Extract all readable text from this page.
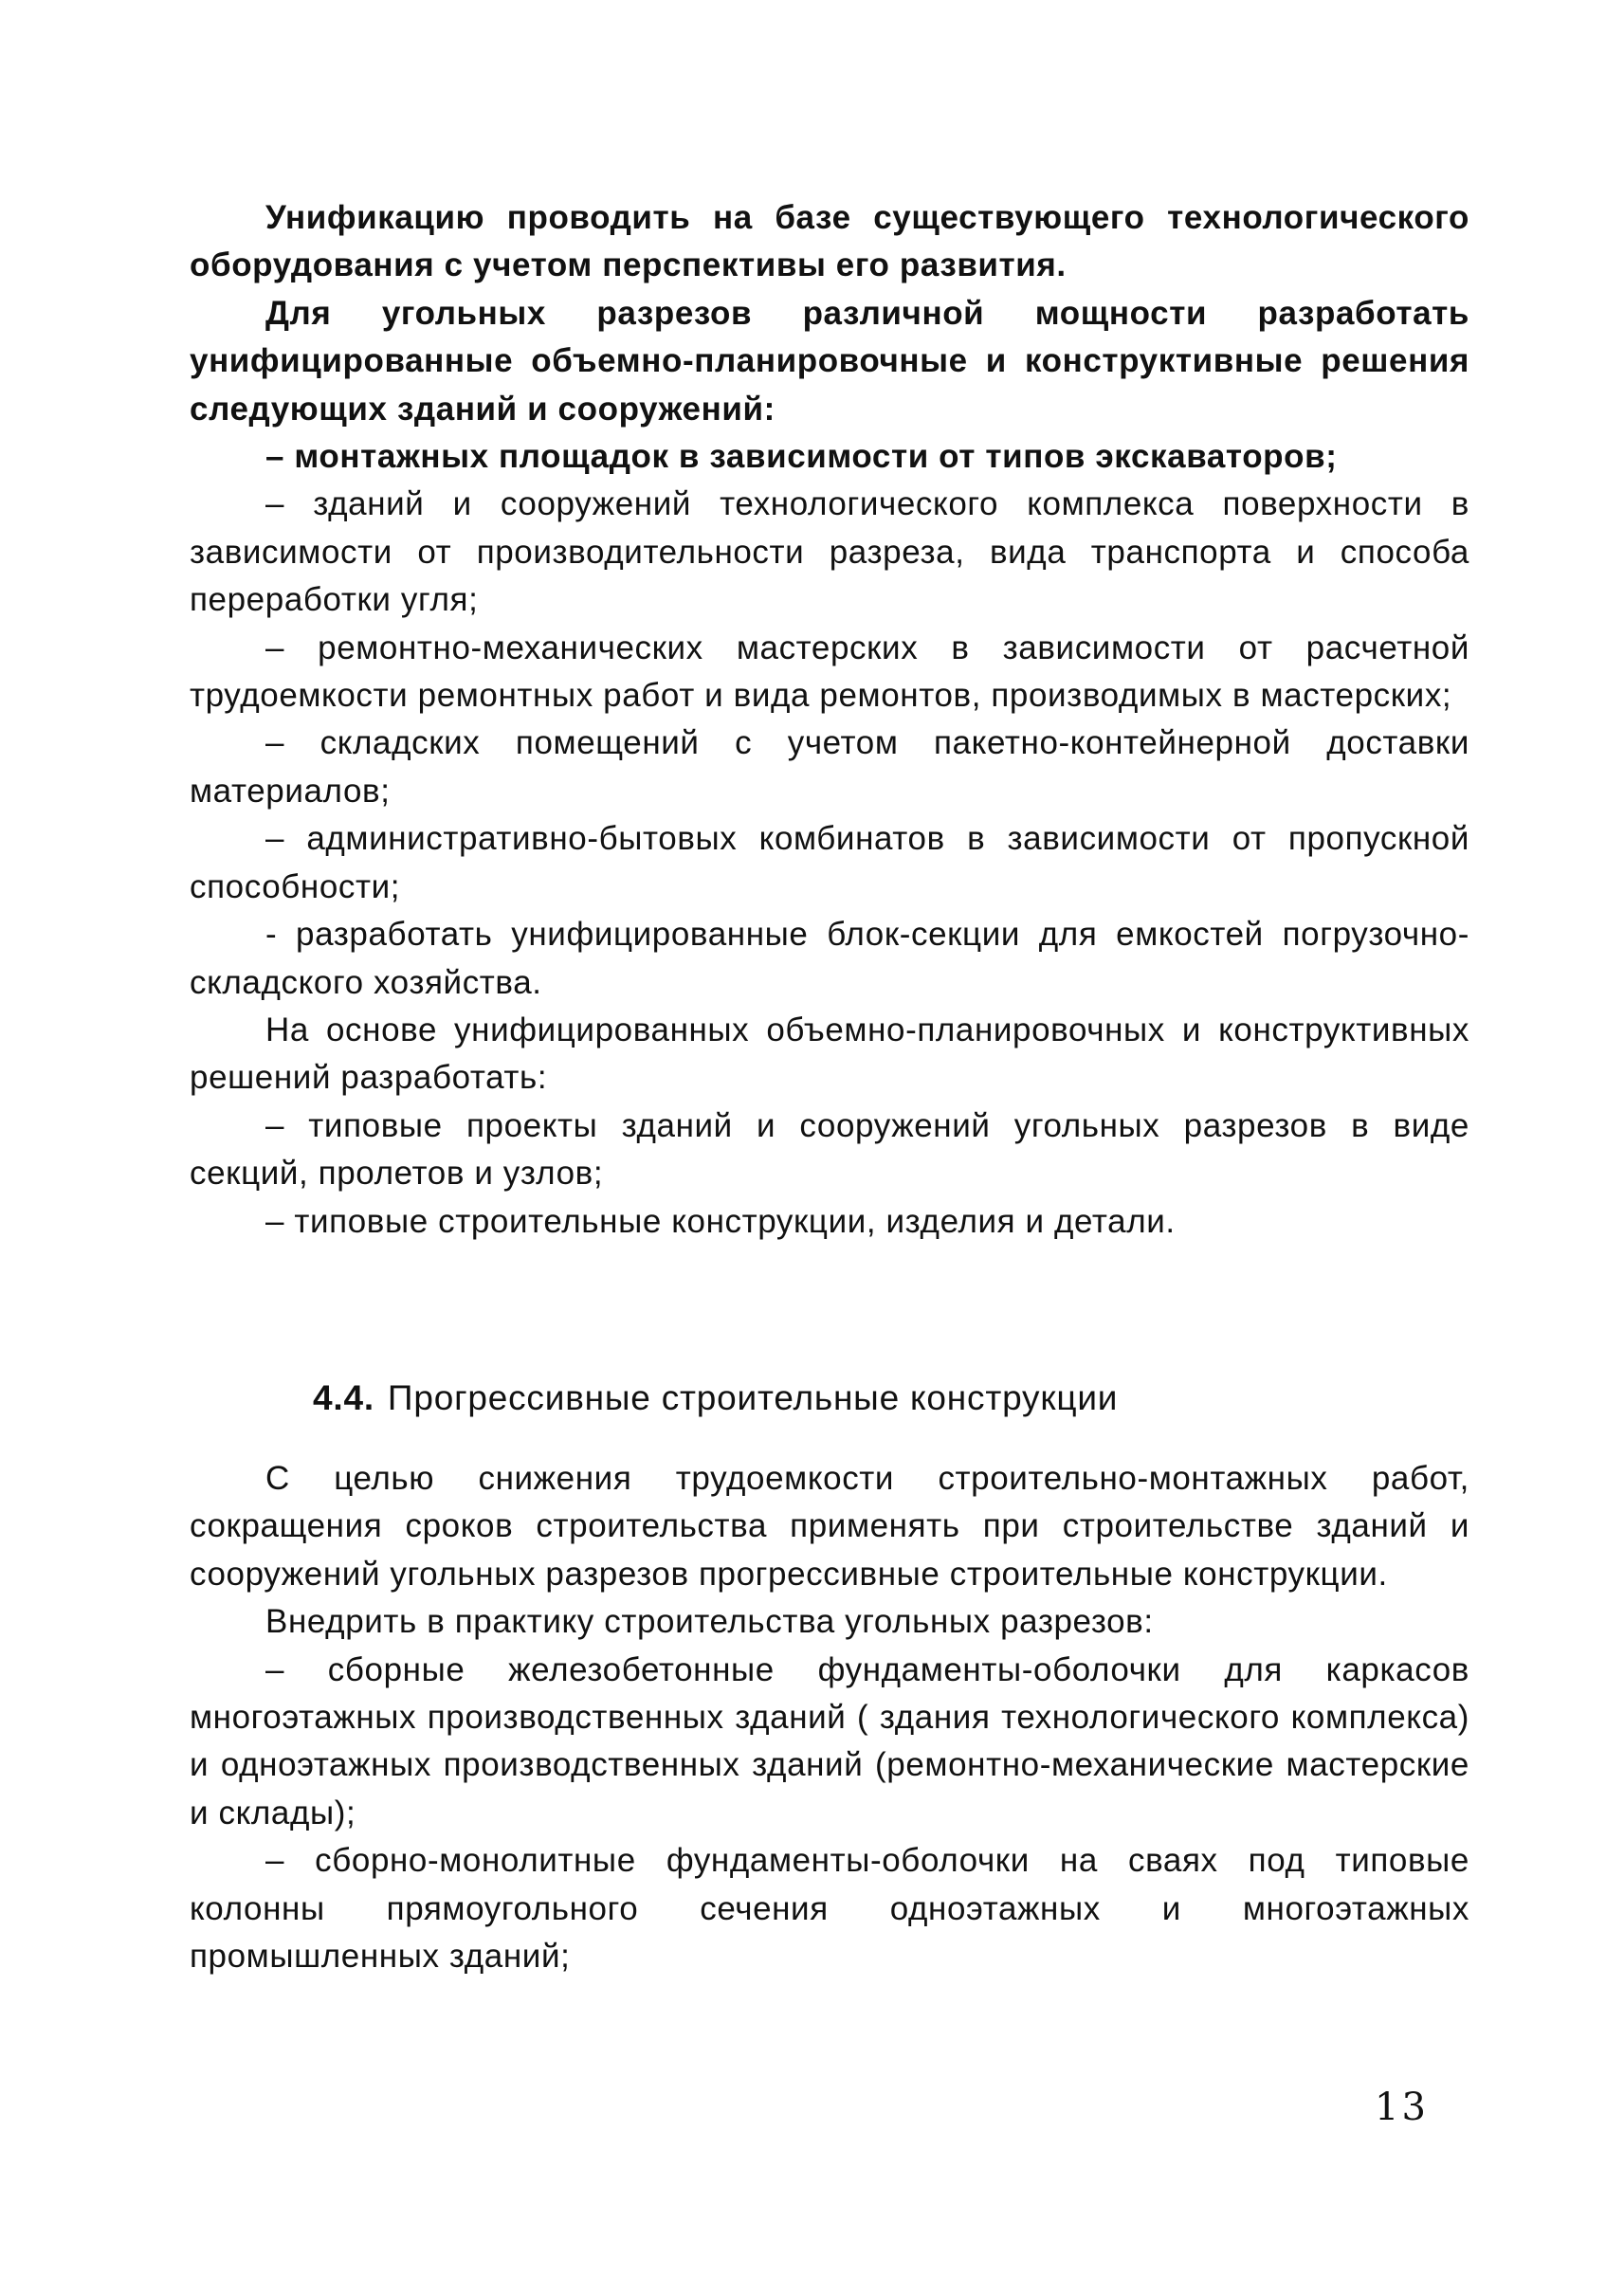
Унификацию проводить на базе существующего технологического оборудования с учетом перспективы его развития.

Для угольных разрезов различной мощности разработать унифицированные объемно-планировочные и конструктивные решения следующих зданий и сооружений:

– монтажных площадок в зависимости от типов экскаваторов;

– зданий и сооружений технологического комплекса поверхности в зависимости от производительности разреза, вида транспорта и способа переработки угля;

– ремонтно-механических мастерских в зависимости от расчетной трудоемкости ремонтных работ и вида ремонтов, производимых в мастерских;

– складских помещений с учетом пакетно-контейнерной доставки материалов;

– административно-бытовых комбинатов в зависимости от пропускной способности;

- разработать унифицированные блок-секции для емкостей погрузочно-складского хозяйства.

На основе унифицированных объемно-планировочных и конструктивных решений разработать:

– типовые проекты зданий и сооружений угольных разрезов в виде секций, пролетов и узлов;

– типовые строительные конструкции, изделия и детали.

4.4. Прогрессивные строительные конструкции

С целью снижения трудоемкости строительно-монтажных работ, сокращения сроков строительства применять при строительстве зданий и сооружений угольных разрезов прогрессивные строительные конструкции.

Внедрить в практику строительства угольных разрезов:

– сборные железобетонные фундаменты-оболочки для каркасов многоэтажных производственных зданий ( здания технологического комплекса) и одноэтажных производственных зданий (ремонтно-механические мастерские и склады);

– сборно-монолитные фундаменты-оболочки на сваях под типовые колонны прямоугольного сечения одноэтажных и многоэтажных промышленных зданий;

13
